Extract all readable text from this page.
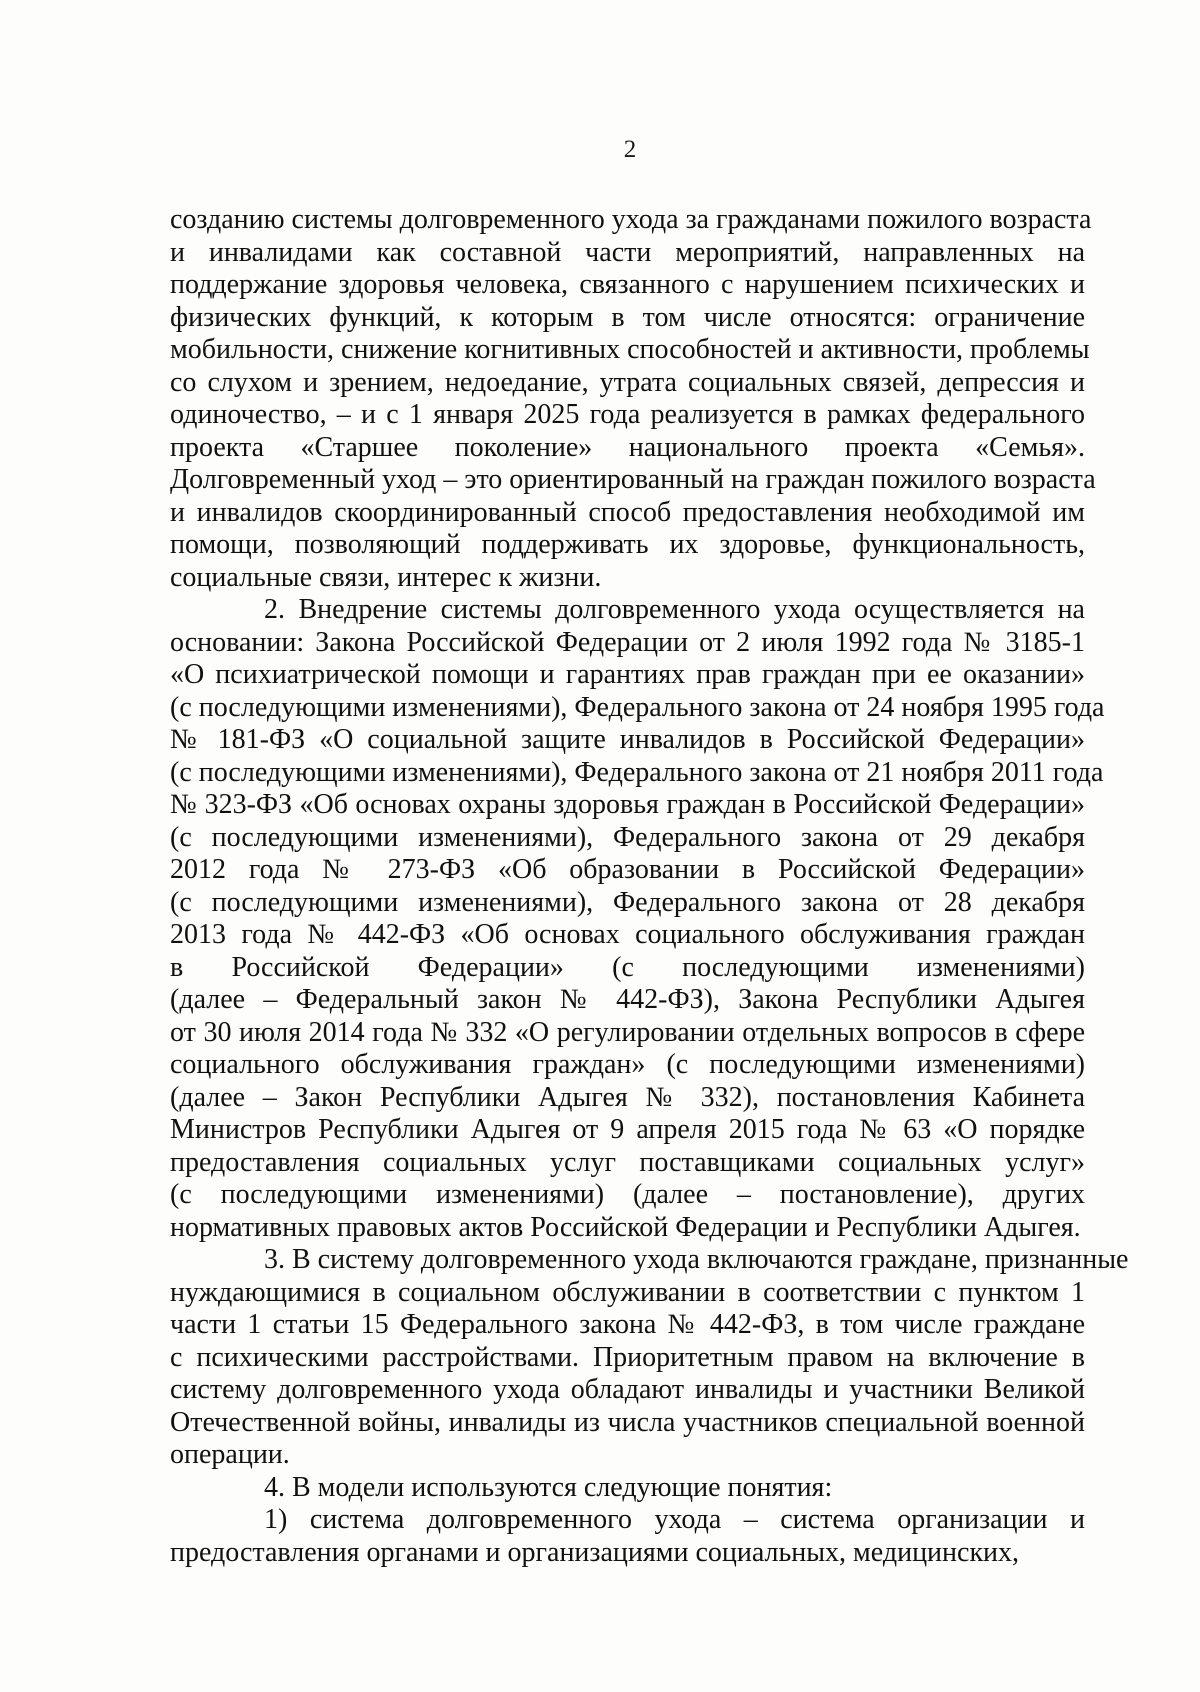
2
созданию системы долговременного ухода за гражданами пожилого возраста
и инвалидами как составной части мероприятий, направленных на
поддержание здоровья человека, связанного с нарушением психических и
физических функций, к которым в том числе относятся: ограничение
мобильности, снижение когнитивных способностей и активности, проблемы
со слухом и зрением, недоедание, утрата социальных связей, депрессия и
одиночество, – и с 1 января 2025 года реализуется в рамках федерального
проекта «Старшее поколение» национального проекта «Семья».
Долговременный уход – это ориентированный на граждан пожилого возраста
и инвалидов скоординированный способ предоставления необходимой им
помощи, позволяющий поддерживать их здоровье, функциональность,
социальные связи, интерес к жизни.
2. Внедрение системы долговременного ухода осуществляется на
основании: Закона Российской Федерации от 2 июля 1992 года № 3185-1
«О психиатрической помощи и гарантиях прав граждан при ее оказании»
(с последующими изменениями), Федерального закона от 24 ноября 1995 года
№ 181-ФЗ «О социальной защите инвалидов в Российской Федерации»
(с последующими изменениями), Федерального закона от 21 ноября 2011 года
№ 323-ФЗ «Об основах охраны здоровья граждан в Российской Федерации»
(с последующими изменениями), Федерального закона от 29 декабря
2012 года № 273-ФЗ «Об образовании в Российской Федерации»
(с последующими изменениями), Федерального закона от 28 декабря
2013 года № 442-ФЗ «Об основах социального обслуживания граждан
в Российской Федерации» (с последующими изменениями)
(далее – Федеральный закон № 442-ФЗ), Закона Республики Адыгея
от 30 июля 2014 года № 332 «О регулировании отдельных вопросов в сфере
социального обслуживания граждан» (с последующими изменениями)
(далее – Закон Республики Адыгея № 332), постановления Кабинета
Министров Республики Адыгея от 9 апреля 2015 года № 63 «О порядке
предоставления социальных услуг поставщиками социальных услуг»
(с последующими изменениями) (далее – постановление), других
нормативных правовых актов Российской Федерации и Республики Адыгея.
3. В систему долговременного ухода включаются граждане, признанные
нуждающимися в социальном обслуживании в соответствии с пунктом 1
части 1 статьи 15 Федерального закона № 442-ФЗ, в том числе граждане
с психическими расстройствами. Приоритетным правом на включение в
систему долговременного ухода обладают инвалиды и участники Великой
Отечественной войны, инвалиды из числа участников специальной военной
операции.
4. В модели используются следующие понятия:
1) система долговременного ухода – система организации и
предоставления органами и организациями социальных, медицинских,
